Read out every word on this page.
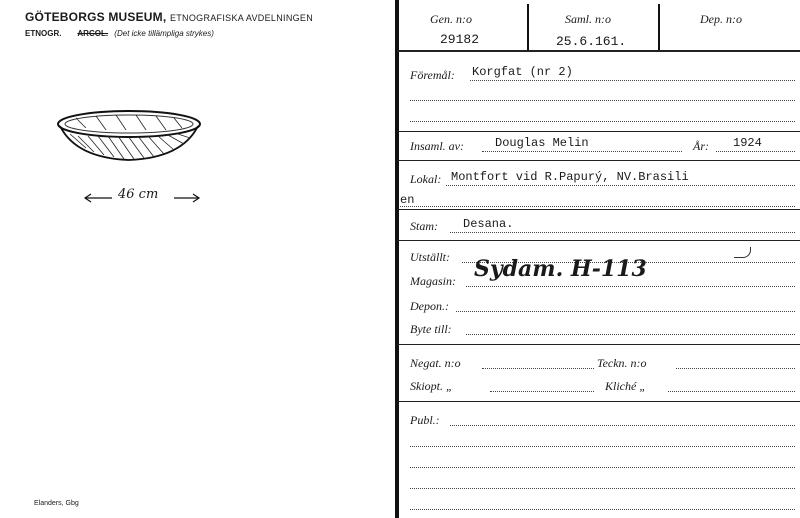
GÖTEBORGS MUSEUM, ETNOGRAFISKA AVDELNINGEN
ETNOGR. ARCOL. (Det icke tillämpliga strykes)
46 cm
Elanders, Gbg
Gen. n:o
29182
Saml. n:o
25.6.161.
Dep. n:o
Föremål: Korgfat (nr 2)
Insaml. av:	Douglas Melin	År: 1924
Lokal: Montfort vid R.Papurý, NV.Brasili
en
Stam: Desana.
Utställt:
Magasin: Sydam. H-113
Depon.:
Byte till:
Negat. n:o	Teckn. n:o
Skiopt. „	Kliché „
Publ.:
